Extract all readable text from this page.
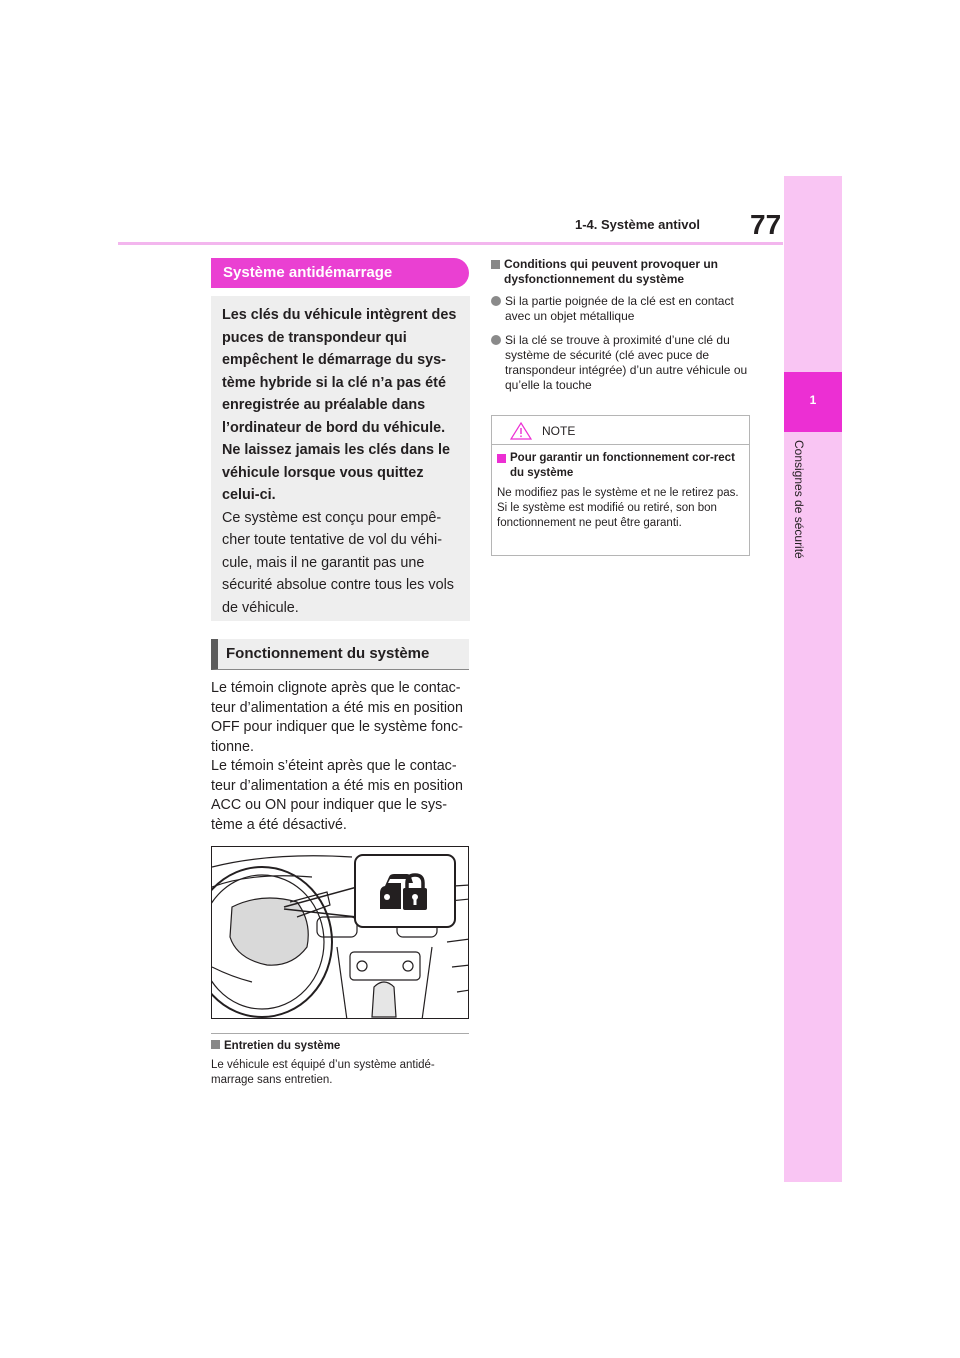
1-4. Système antivol 77
1
Consignes de sécurité
Système antidémarrage

Les clés du véhicule intègrent des puces de transpondeur qui empêchent le démarrage du sys-tème hybride si la clé n’a pas été enregistrée au préalable dans l’ordinateur de bord du véhicule.

Ne laissez jamais les clés dans le véhicule lorsque vous quittez celui-ci.

Ce système est conçu pour empê-cher toute tentative de vol du véhi-cule, mais il ne garantit pas une sécurité absolue contre tous les vols de véhicule.

Fonctionnement du système

Le témoin clignote après que le contac-teur d’alimentation a été mis en position OFF pour indiquer que le système fonc-tionne.

Le témoin s’éteint après que le contac-teur d’alimentation a été mis en position ACC ou ON pour indiquer que le sys-tème a été désactivé.

Entretien du système
Le véhicule est équipé d’un système antidé-marrage sans entretien.
Conditions qui peuvent provoquer un dysfonctionnement du système
Si la partie poignée de la clé est en contact avec un objet métallique
Si la clé se trouve à proximité d’une clé du système de sécurité (clé avec puce de transpondeur intégrée) d’un autre véhicule ou qu’elle la touche
NOTE
Pour garantir un fonctionnement cor-rect du système
Ne modifiez pas le système et ne le retirez pas. Si le système est modifié ou retiré, son bon fonctionnement ne peut être garanti.
